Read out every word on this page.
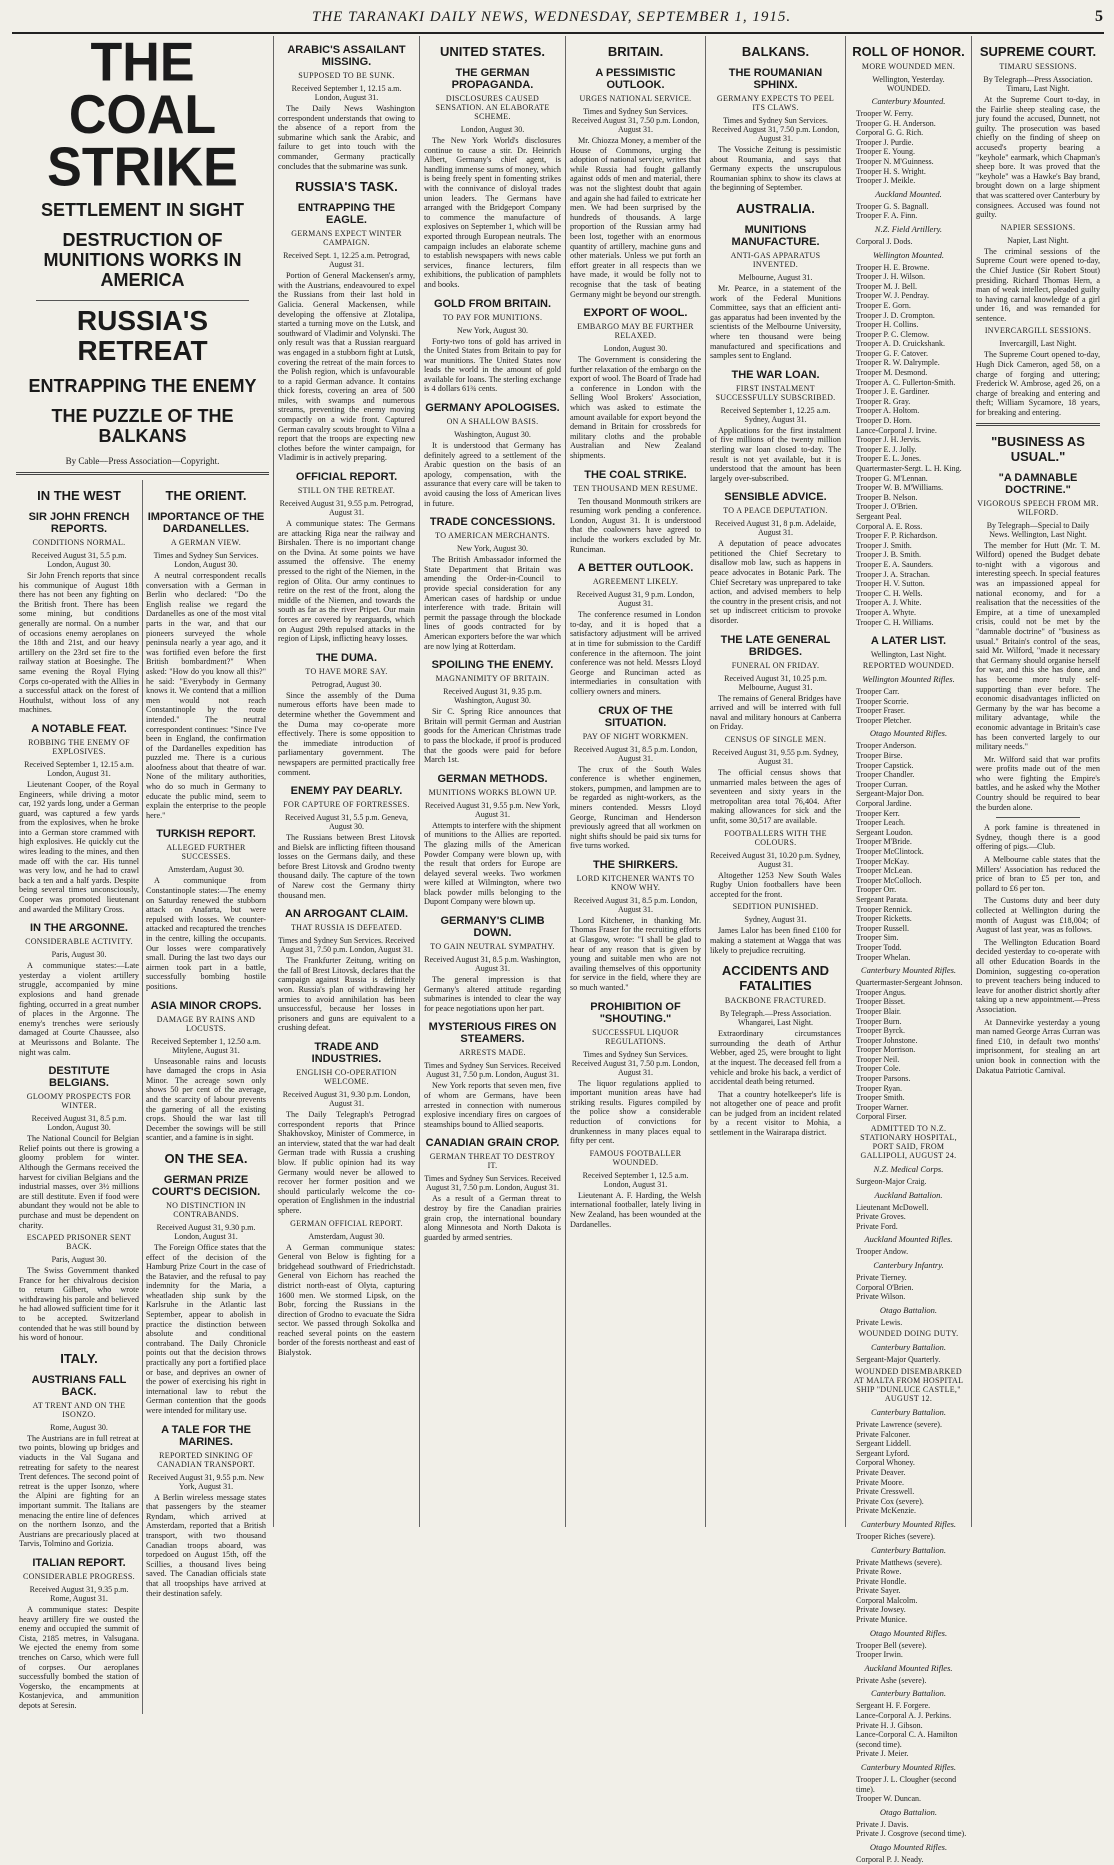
THE TARANAKI DAILY NEWS, WEDNESDAY, SEPTEMBER 1, 1915.	5
THE COAL STRIKE
SETTLEMENT IN SIGHT
DESTRUCTION OF MUNITIONS WORKS IN AMERICA
RUSSIA'S RETREAT
ENTRAPPING THE ENEMY
THE PUZZLE OF THE BALKANS
By Cable—Press Association—Copyright.
IN THE WEST
SIR JOHN FRENCH REPORTS.
CONDITIONS NORMAL.
Received August 31, 5.5 p.m. London, August 30.

Sir John French reports that since his communique of August 18th there has not been any fighting on the British front. There has been some mining, but conditions generally are normal. On a number of occasions enemy aeroplanes on the 18th and 21st, and our heavy artillery on the 23rd set fire to the railway station at Boesinghe. The same evening the Royal Flying Corps co-operated with the Allies in a successful attack on the forest of Houthulst, without loss of any machines.

A NOTABLE FEAT.
ROBBING THE ENEMY OF EXPLOSIVES.
Received September 1, 12.15 a.m. London, August 31.

Lieutenant Cooper, of the Royal Engineers, while driving a motor car, 192 yards long, under a German guard, was captured a few yards from the explosives, when he broke into a German store crammed with high explosives. He quickly cut the wires leading to the mines, and then made off with the car. His tunnel was very low, and he had to crawl back a ten and a half yards. Despite being several times unconsciously, Cooper was promoted lieutenant and awarded the Military Cross.

IN THE ARGONNE.
CONSIDERABLE ACTIVITY.
Paris, August 30.

A communique states:—Late yesterday a violent artillery struggle, accompanied by mine explosions and hand grenade fighting, occurred in a great number of places in the Argonne. The enemy's trenches were seriously damaged at Courte Chaussee, also at Meurissons and Bolante. The night was calm.

DESTITUTE BELGIANS.
GLOOMY PROSPECTS FOR WINTER.
Received August 31, 8.5 p.m. London, August 30.

The National Council for Belgian Relief points out there is growing a gloomy problem for winter. Although the Germans received the harvest for civilian Belgians and the industrial masses, over 3½ millions are still destitute. Even if food were abundant they would not be able to purchase and must be dependent on charity.

ESCAPED PRISONER SENT BACK.
Paris, August 30.

The Swiss Government thanked France for her chivalrous decision to return Gilbert, who wrote withdrawing his parole and believed he had allowed sufficient time for it to be accepted. Switzerland contended that he was still bound by his word of honour.

ITALY.
AUSTRIANS FALL BACK.
AT TRENT AND ON THE ISONZO.
Rome, August 30.

The Austrians are in full retreat at two points, blowing up bridges and viaducts in the Val Sugana and retreating for safety to the nearest Trent defences. The second point of retreat is the upper Isonzo, where the Alpini are fighting for an important summit. The Italians are menacing the entire line of defences on the northern Isonzo, and the Austrians are precariously placed at Tarvis, Tolmino and Gorizia.

ITALIAN REPORT.
CONSIDERABLE PROGRESS.
Received August 31, 9.35 p.m. Rome, August 31.

A communique states: Despite heavy artillery fire we ousted the enemy and occupied the summit of Cista, 2185 metres, in Valsugana. We ejected the enemy from some trenches on Carso, which were full of corpses. Our aeroplanes successfully bombed the station of Vogersko, the encampments at Kostanjevica, and ammunition depots at Seresin.

THE ORIENT.
IMPORTANCE OF THE DARDANELLES.
A GERMAN VIEW.
Times and Sydney Sun Services. London, August 30.

A neutral correspondent recalls conversation with a German in Berlin who declared: "Do the English realise we regard the Dardanelles as one of the most vital parts in the war, and that our pioneers surveyed the whole peninsula nearly a year ago, and it was fortified even before the first British bombardment?" When asked: "How do you know all this?" he said: "Everybody in Germany knows it. We contend that a million men would not reach Constantinople by the route intended." The neutral correspondent continues: "Since I've been in England, the confirmation of the Dardanelles expedition has puzzled me. There is a curious aloofness about that theatre of war. None of the military authorities, who do so much in Germany to educate the public mind, seem to explain the enterprise to the people here."

TURKISH REPORT.
ALLEGED FURTHER SUCCESSES.
Amsterdam, August 30.

A communique from Constantinople states:—The enemy on Saturday renewed the stubborn attack on Anafarta, but were repulsed with losses. We counter-attacked and recaptured the trenches in the centre, killing the occupants. Our losses were comparatively small. During the last two days our airmen took part in a battle, successfully bombing hostile positions.

ASIA MINOR CROPS.
DAMAGE BY RAINS AND LOCUSTS.
Received September 1, 12.50 a.m. Mitylene, August 31.

Unseasonable rains and locusts have damaged the crops in Asia Minor. The acreage sown only shows 50 per cent of the average, and the scarcity of labour prevents the garnering of all the existing crops. Should the war last till December the sowings will be still scantier, and a famine is in sight.

ON THE SEA.
GERMAN PRIZE COURT'S DECISION.
NO DISTINCTION IN CONTRABANDS.
Received August 31, 9.30 p.m. London, August 31.

The Foreign Office states that the effect of the decision of the Hamburg Prize Court in the case of the Batavier, and the refusal to pay indemnity for the Maria, a wheatladen ship sunk by the Karlsruhe in the Atlantic last September, appear to abolish in practice the distinction between absolute and conditional contraband. The Daily Chronicle points out that the decision throws practically any port a fortified place or base, and deprives an owner of the power of exercising his right in international law to rebut the German contention that the goods were intended for military use.

A TALE FOR THE MARINES.
REPORTED SINKING OF CANADIAN TRANSPORT.
Received August 31, 9.55 p.m. New York, August 31.

A Berlin wireless message states that passengers by the steamer Ryndam, which arrived at Amsterdam, reported that a British transport, with two thousand Canadian troops aboard, was torpedoed on August 15th, off the Scillies, a thousand lives being saved. The Canadian officials state that all troopships have arrived at their destination safely.

ARABIC'S ASSAILANT MISSING.
SUPPOSED TO BE SUNK.
Received September 1, 12.15 a.m. London, August 31.

The Daily News Washington correspondent understands that owing to the absence of a report from the submarine which sank the Arabic, and failure to get into touch with the commander, Germany practically concludes that the submarine was sunk.

RUSSIA'S TASK.
ENTRAPPING THE EAGLE.
GERMANS EXPECT WINTER CAMPAIGN.
Received Sept. 1, 12.25 a.m. Petrograd, August 31.

Portion of General Mackensen's army, with the Austrians, endeavoured to expel the Russians from their last hold in Galicia. General Mackensen, while developing the offensive at Zlotalipa, started a turning move on the Lutsk, and southward of Vladimir and Volynski. The only result was that a Russian rearguard was engaged in a stubborn fight at Lutsk, covering the retreat of the main forces to the Polish region, which is unfavourable to a rapid German advance. It contains thick forests, covering an area of 500 miles, with swamps and numerous streams, preventing the enemy moving compactly on a wide front. Captured German cavalry scouts brought to Vilna a report that the troops are expecting new clothes before the winter campaign, for Vladimir is in actively preparing.

OFFICIAL REPORT.
STILL ON THE RETREAT.
Received August 31, 9.55 p.m. Petrograd, August 31.

A communique states: The Germans are attacking Riga near the railway and Birshalen. There is no important change on the Dvina. At some points we have assumed the offensive. The enemy pressed to the right of the Niemen, in the region of Olita. Our army continues to retire on the rest of the front, along the middle of the Niemen, and towards the south as far as the river Pripet. Our main forces are covered by rearguards, which on August 29th repulsed attacks in the region of Lipsk, inflicting heavy losses.

THE DUMA.
TO HAVE MORE SAY.
Petrograd, August 30.

Since the assembly of the Duma numerous efforts have been made to determine whether the Government and the Duma may co-operate more effectively. There is some opposition to the immediate introduction of parliamentary government. The newspapers are permitted practically free comment.

ENEMY PAY DEARLY.
FOR CAPTURE OF FORTRESSES.
Received August 31, 5.5 p.m. Geneva, August 30.

The Russians between Brest Litovsk and Bielsk are inflicting fifteen thousand losses on the Germans daily, and these before Brest Litovsk and Grodno twenty thousand daily. The capture of the town of Narew cost the Germany thirty thousand men.

AN ARROGANT CLAIM.
THAT RUSSIA IS DEFEATED.
Times and Sydney Sun Services. Received August 31, 7.50 p.m. London, August 31.

The Frankfurter Zeitung, writing on the fall of Brest Litovsk, declares that the campaign against Russia is definitely won. Russia's plan of withdrawing her armies to avoid annihilation has been unsuccessful, because her losses in prisoners and guns are equivalent to a crushing defeat.

TRADE AND INDUSTRIES.
ENGLISH CO-OPERATION WELCOME.
Received August 31, 9.30 p.m. London, August 31.

The Daily Telegraph's Petrograd correspondent reports that Prince Shakhovskoy, Minister of Commerce, in an interview, stated that the war had dealt German trade with Russia a crushing blow. If public opinion had its way Germany would never be allowed to recover her former position and we should particularly welcome the co-operation of Englishmen in the industrial sphere.

GERMAN OFFICIAL REPORT.
Amsterdam, August 30.

A German communique states: General von Below is fighting for a bridgehead southward of Friedrichstadt. General von Eichorn has reached the district north-east of Olyta, capturing 1600 men. We stormed Lipsk, on the Bobr, forcing the Russians in the direction of Grodno to evacuate the Sidra sector. We passed through Sokolka and reached several points on the eastern border of the forests northeast and east of Bialystok.

UNITED STATES.
THE GERMAN PROPAGANDA.
DISCLOSURES CAUSED SENSATION. AN ELABORATE SCHEME.
London, August 30.

The New York World's disclosures continue to cause a stir. Dr. Heinrich Albert, Germany's chief agent, is handling immense sums of money, which is being freely spent in fomenting strikes with the connivance of disloyal trades union leaders. The Germans have arranged with the Bridgeport Company to commence the manufacture of explosives on September 1, which will be exported through European neutrals. The campaign includes an elaborate scheme to establish newspapers with news cable services, finance lecturers, film exhibitions, the publication of pamphlets and books.

GOLD FROM BRITAIN.
TO PAY FOR MUNITIONS.
New York, August 30.

Forty-two tons of gold has arrived in the United States from Britain to pay for war munitions. The United States now leads the world in the amount of gold available for loans. The sterling exchange is 4 dollars 61¾ cents.

GERMANY APOLOGISES.
ON A SHALLOW BASIS.
Washington, August 30.

It is understood that Germany has definitely agreed to a settlement of the Arabic question on the basis of an apology, compensation, with the assurance that every care will be taken to avoid causing the loss of American lives in future.

TRADE CONCESSIONS.
TO AMERICAN MERCHANTS.
New York, August 30.

The British Ambassador informed the State Department that Britain was amending the Order-in-Council to provide special consideration for any American cases of hardship or undue interference with trade. Britain will permit the passage through the blockade lines of goods contracted for by American exporters before the war which are now lying at Rotterdam.

SPOILING THE ENEMY.
MAGNANIMITY OF BRITAIN.
Received August 31, 9.35 p.m. Washington, August 30.

Sir C. Spring Rice announces that Britain will permit German and Austrian goods for the American Christmas trade to pass the blockade, if proof is produced that the goods were paid for before March 1st.

GERMAN METHODS.
MUNITIONS WORKS BLOWN UP.
Received August 31, 9.55 p.m. New York, August 31.

Attempts to interfere with the shipment of munitions to the Allies are reported. The glazing mills of the American Powder Company were blown up, with the result that orders for Europe are delayed several weeks. Two workmen were killed at Wilmington, where two black powder mills belonging to the Dupont Company were blown up.

GERMANY'S CLIMB DOWN.
TO GAIN NEUTRAL SYMPATHY.
Received August 31, 8.5 p.m. Washington, August 31.

The general impression is that Germany's altered attitude regarding submarines is intended to clear the way for peace negotiations upon her part.

MYSTERIOUS FIRES ON STEAMERS.
ARRESTS MADE.
Times and Sydney Sun Services. Received August 31, 7.50 p.m. London, August 31.

New York reports that seven men, five of whom are Germans, have been arrested in connection with numerous explosive incendiary fires on cargoes of steamships bound to Allied seaports.

CANADIAN GRAIN CROP.
GERMAN THREAT TO DESTROY IT.
Times and Sydney Sun Services. Received August 31, 7.50 p.m. London, August 31.

As a result of a German threat to destroy by fire the Canadian prairies grain crop, the international boundary along Minnesota and North Dakota is guarded by armed sentries.

BRITAIN.
A PESSIMISTIC OUTLOOK.
URGES NATIONAL SERVICE.
Times and Sydney Sun Services. Received August 31, 7.50 p.m. London, August 31.

Mr. Chiozza Money, a member of the House of Commons, urging the adoption of national service, writes that while Russia had fought gallantly against odds of men and material, there was not the slightest doubt that again and again she had failed to extricate her men. We had been surprised by the hundreds of thousands. A large proportion of the Russian army had been lost, together with an enormous quantity of artillery, machine guns and other materials. Unless we put forth an effort greater in all respects than we have made, it would be folly not to recognise that the task of beating Germany might be beyond our strength.

EXPORT OF WOOL.
EMBARGO MAY BE FURTHER RELAXED.
London, August 30.

The Government is considering the further relaxation of the embargo on the export of wool. The Board of Trade had a conference in London with the Selling Wool Brokers' Association, which was asked to estimate the amount available for export beyond the demand in Britain for crossbreds for military cloths and the probable Australian and New Zealand shipments.

THE COAL STRIKE.
TEN THOUSAND MEN RESUME.

Ten thousand Monmouth strikers are resuming work pending a conference. London, August 31. It is understood that the coalowners have agreed to include the workers excluded by Mr. Runciman.

A BETTER OUTLOOK.
AGREEMENT LIKELY.
Received August 31, 9 p.m. London, August 31.

The conference resumed in London to-day, and it is hoped that a satisfactory adjustment will be arrived at in time for submission to the Cardiff conference in the afternoon. The joint conference was not held. Messrs Lloyd George and Runciman acted as intermediaries in consultation with colliery owners and miners.

CRUX OF THE SITUATION.
PAY OF NIGHT WORKMEN.
Received August 31, 8.5 p.m. London, August 31.

The crux of the South Wales conference is whether enginemen, stokers, pumpmen, and lampmen are to be regarded as night-workers, as the miners contended. Messrs Lloyd George, Runciman and Henderson previously agreed that all workmen on night shifts should be paid six turns for five turns worked.

THE SHIRKERS.
LORD KITCHENER WANTS TO KNOW WHY.
Received August 31, 8.5 p.m. London, August 31.

Lord Kitchener, in thanking Mr. Thomas Fraser for the recruiting efforts at Glasgow, wrote: "I shall be glad to hear of any reason that is given by young and suitable men who are not availing themselves of this opportunity for service in the field, where they are so much wanted."

PROHIBITION OF "SHOUTING."
SUCCESSFUL LIQUOR REGULATIONS.
Times and Sydney Sun Services. Received August 31, 7.50 p.m. London, August 31.

The liquor regulations applied to important munition areas have had striking results. Figures compiled by the police show a considerable reduction of convictions for drunkenness in many places equal to fifty per cent.

FAMOUS FOOTBALLER WOUNDED.
Received September 1, 12.5 a.m. London, August 31.

Lieutenant A. F. Harding, the Welsh international footballer, lately living in New Zealand, has been wounded at the Dardanelles.

BALKANS.
THE ROUMANIAN SPHINX.
GERMANY EXPECTS TO PEEL ITS CLAWS.
Times and Sydney Sun Services. Received August 31, 7.50 p.m. London, August 31.

The Vossiche Zeitung is pessimistic about Roumania, and says that Germany expects the unscrupulous Roumanian sphinx to show its claws at the beginning of September.

AUSTRALIA.
MUNITIONS MANUFACTURE.
ANTI-GAS APPARATUS INVENTED.
Melbourne, August 31.

Mr. Pearce, in a statement of the work of the Federal Munitions Committee, says that an efficient anti-gas apparatus had been invented by the scientists of the Melbourne University, where ten thousand were being manufactured and specifications and samples sent to England.

THE WAR LOAN.
FIRST INSTALMENT SUCCESSFULLY SUBSCRIBED.
Received September 1, 12.25 a.m. Sydney, August 31.

Applications for the first instalment of five millions of the twenty million sterling war loan closed to-day. The result is not yet available, but it is understood that the amount has been largely over-subscribed.

SENSIBLE ADVICE.
TO A PEACE DEPUTATION.
Received August 31, 8 p.m. Adelaide, August 31.

A deputation of peace advocates petitioned the Chief Secretary to disallow mob law, such as happens in peace advocates in Botanic Park. The Chief Secretary was unprepared to take action, and advised members to help the country in the present crisis, and not set up indiscreet criticism to provoke disorder.

THE LATE GENERAL BRIDGES.
FUNERAL ON FRIDAY.
Received August 31, 10.25 p.m. Melbourne, August 31.

The remains of General Bridges have arrived and will be interred with full naval and military honours at Canberra on Friday.

CENSUS OF SINGLE MEN.
Received August 31, 9.55 p.m. Sydney, August 31.

The official census shows that unmarried males between the ages of seventeen and sixty years in the metropolitan area total 76,404. After making allowances for sick and the unfit, some 30,517 are available.

FOOTBALLERS WITH THE COLOURS.
Received August 31, 10.20 p.m. Sydney, August 31.

Altogether 1253 New South Wales Rugby Union footballers have been accepted for the front.

SEDITION PUNISHED.
Sydney, August 31.

James Lalor has been fined £100 for making a statement at Wagga that was likely to prejudice recruiting.

ACCIDENTS AND FATALITIES
BACKBONE FRACTURED.
By Telegraph.—Press Association. Whangarei, Last Night.

Extraordinary circumstances surrounding the death of Arthur Webber, aged 25, were brought to light at the inquest. The deceased fell from a vehicle and broke his back, a verdict of accidental death being returned.

That a country hotelkeeper's life is not altogether one of peace and profit can be judged from an incident related by a recent visitor to Mohia, a settlement in the Wairarapa district.

ROLL OF HONOR.
MORE WOUNDED MEN.
Wellington, Yesterday. WOUNDED.
Canterbury Mounted.
Trooper W. Ferry.
Trooper G. H. Anderson.
Corporal G. G. Rich.
Trooper J. Purdie.
Trooper E. Young.
Trooper N. M'Guinness.
Trooper H. S. Wright.
Trooper J. Meikle.
Auckland Mounted.
Trooper G. S. Bagnall.
Trooper F. A. Finn.
N.Z. Field Artillery.
Corporal J. Dods.
Wellington Mounted.
Trooper H. E. Browne.
Trooper J. H. Wilson.
Trooper M. J. Bell.
Trooper W. J. Pendray.
Trooper E. Gorn.
Trooper J. D. Crompton.
Trooper H. Collins.
Trooper P. C. Clemow.
Trooper A. D. Cruickshank.
Trooper G. F. Catover.
Trooper R. W. Dalrymple.
Trooper M. Desmond.
Trooper A. C. Fullerton-Smith.
Trooper J. E. Gardiner.
Trooper R. Gray.
Trooper A. Holtom.
Trooper D. Horn.
Lance-Corporal J. Irvine.
Trooper J. H. Jervis.
Trooper E. J. Jolly.
Trooper E. L. Jones.
Quartermaster-Sergt. L. H. King.
Trooper G. M'Lennan.
Trooper W. B. M'Williams.
Trooper B. Nelson.
Trooper J. O'Brien.
Sergeant Peal.
Corporal A. E. Ross.
Trooper F. P. Richardson.
Trooper J. Smith.
Trooper J. B. Smith.
Trooper E. A. Saunders.
Trooper J. A. Strachan.
Trooper H. V. Sutton.
Trooper C. H. Wells.
Trooper A. J. White.
Trooper A. Whyte.
Trooper C. H. Williams.
A LATER LIST.
Wellington, Last Night.
REPORTED WOUNDED.
Wellington Mounted Rifles.
Trooper Carr.
Trooper Scorrie.
Trooper Fraser.
Trooper Pletcher.
Otago Mounted Rifles.
Trooper Anderson.
Trooper Birse.
Trooper Capstick.
Trooper Chandler.
Trooper Curran.
Sergeant-Major Don.
Corporal Jardine.
Trooper Kerr.
Trooper Leach.
Sergeant Loudon.
Trooper M'Bride.
Trooper McClintock.
Trooper McKay.
Trooper McLean.
Trooper McColloch.
Trooper Orr.
Sergeant Parata.
Trooper Rennick.
Trooper Ricketts.
Trooper Russell.
Trooper Sim.
Trooper Todd.
Trooper Whelan.
Canterbury Mounted Rifles.
Quartermaster-Sergeant Johnson.
Trooper Angus.
Trooper Bisset.
Trooper Blair.
Trooper Burn.
Trooper Byrck.
Trooper Johnstone.
Trooper Morrison.
Trooper Neil.
Trooper Cole.
Trooper Parsons.
Trooper Ryan.
Trooper Smith.
Trooper Warner.
Corporal Firser.
ADMITTED TO N.Z. STATIONARY HOSPITAL, PORT SAID, FROM GALLIPOLI, AUGUST 24.
N.Z. Medical Corps.
Surgeon-Major Craig.
Auckland Battalion.
Lieutenant McDowell.
Private Groves.
Private Ford.
Auckland Mounted Rifles.
Trooper Andow.
Canterbury Infantry.
Private Tierney.
Corporal O'Brien.
Private Wilson.
Otago Battalion.
Private Lewis.
WOUNDED DOING DUTY.
Canterbury Battalion.
Sergeant-Major Quarterly.
WOUNDED DISEMBARKED AT MALTA FROM HOSPITAL SHIP "DUNLUCE CASTLE," AUGUST 12.
Canterbury Battalion.
Private Lawrence (severe).
Private Falconer.
Sergeant Liddell.
Sergeant Lyford.
Corporal Whoney.
Private Deaver.
Private Moore.
Private Cresswell.
Private Cox (severe).
Private McKenzie.
Canterbury Mounted Rifles.
Trooper Riches (severe).
Canterbury Battalion.
Private Matthews (severe).
Private Rowe.
Private Hondle.
Private Sayer.
Corporal Malcolm.
Private Jowsey.
Private Munice.
Otago Mounted Rifles.
Trooper Bell (severe).
Trooper Irwin.
Auckland Mounted Rifles.
Private Ashe (severe).
Canterbury Battalion.
Sergeant H. F. Forgere.
Lance-Corporal A. J. Perkins.
Private H. J. Gibson.
Lance-Corporal C. A. Hamilton (second time).
Private J. Meier.
Canterbury Mounted Rifles.
Trooper J. L. Clougher (second time).
Trooper W. Duncan.
Otago Battalion.
Private J. Davis.
Private J. Cosgrove (second time).
Otago Mounted Rifles.
Corporal P. J. Neady.
SUPREME COURT.
TIMARU SESSIONS.
By Telegraph—Press Association. Timaru, Last Night.

At the Supreme Court to-day, in the Fairlie sheep stealing case, the jury found the accused, Dunnett, not guilty. The prosecution was based chiefly on the finding of sheep on accused's property bearing a "keyhole" earmark, which Chapman's sheep bore. It was proved that the "keyhole" was a Hawke's Bay brand, brought down on a large shipment that was scattered over Canterbury by consignees. Accused was found not guilty.

NAPIER SESSIONS.
Napier, Last Night.

The criminal sessions of the Supreme Court were opened to-day, the Chief Justice (Sir Robert Stout) presiding. Richard Thomas Hern, a man of weak intellect, pleaded guilty to having carnal knowledge of a girl under 16, and was remanded for sentence.

INVERCARGILL SESSIONS.
Invercargill, Last Night.

The Supreme Court opened to-day, Hugh Dick Cameron, aged 58, on a charge of forging and uttering; Frederick W. Ambrose, aged 26, on a charge of breaking and entering and theft; William Sycamore, 18 years, for breaking and entering.

"BUSINESS AS USUAL."
"A DAMNABLE DOCTRINE."
VIGOROUS SPEECH FROM MR. WILFORD.
By Telegraph—Special to Daily News. Wellington, Last Night.

The member for Hutt (Mr. T. M. Wilford) opened the Budget debate to-night with a vigorous and interesting speech. In special features was an impassioned appeal for national economy, and for a realisation that the necessities of the Empire, at a time of unexampled crisis, could not be met by the "damnable doctrine" of "business as usual." Britain's control of the seas, said Mr. Wilford, "made it necessary that Germany should organise herself for war, and this she has done, and has become more truly self-supporting than ever before. The economic disadvantages inflicted on Germany by the war has become a military advantage, while the economic advantage in Britain's case has been converted largely to our military needs."

Mr. Wilford said that war profits were profits made out of the men who were fighting the Empire's battles, and he asked why the Mother Country should be required to bear the burden alone.

A pork famine is threatened in Sydney, though there is a good offering of pigs.—Club.

A Melbourne cable states that the Millers' Association has reduced the price of bran to £5 per ton, and pollard to £6 per ton.

The Customs duty and beer duty collected at Wellington during the month of August was £18,004; of August of last year, was as follows.

The Wellington Education Board decided yesterday to co-operate with all other Education Boards in the Dominion, suggesting co-operation to prevent teachers being induced to leave for another district shortly after taking up a new appointment.—Press Association.

At Dannevirke yesterday a young man named George Arras Curran was fined £10, in default two months' imprisonment, for stealing an art union book in connection with the Dakatua Patriotic Carnival.
